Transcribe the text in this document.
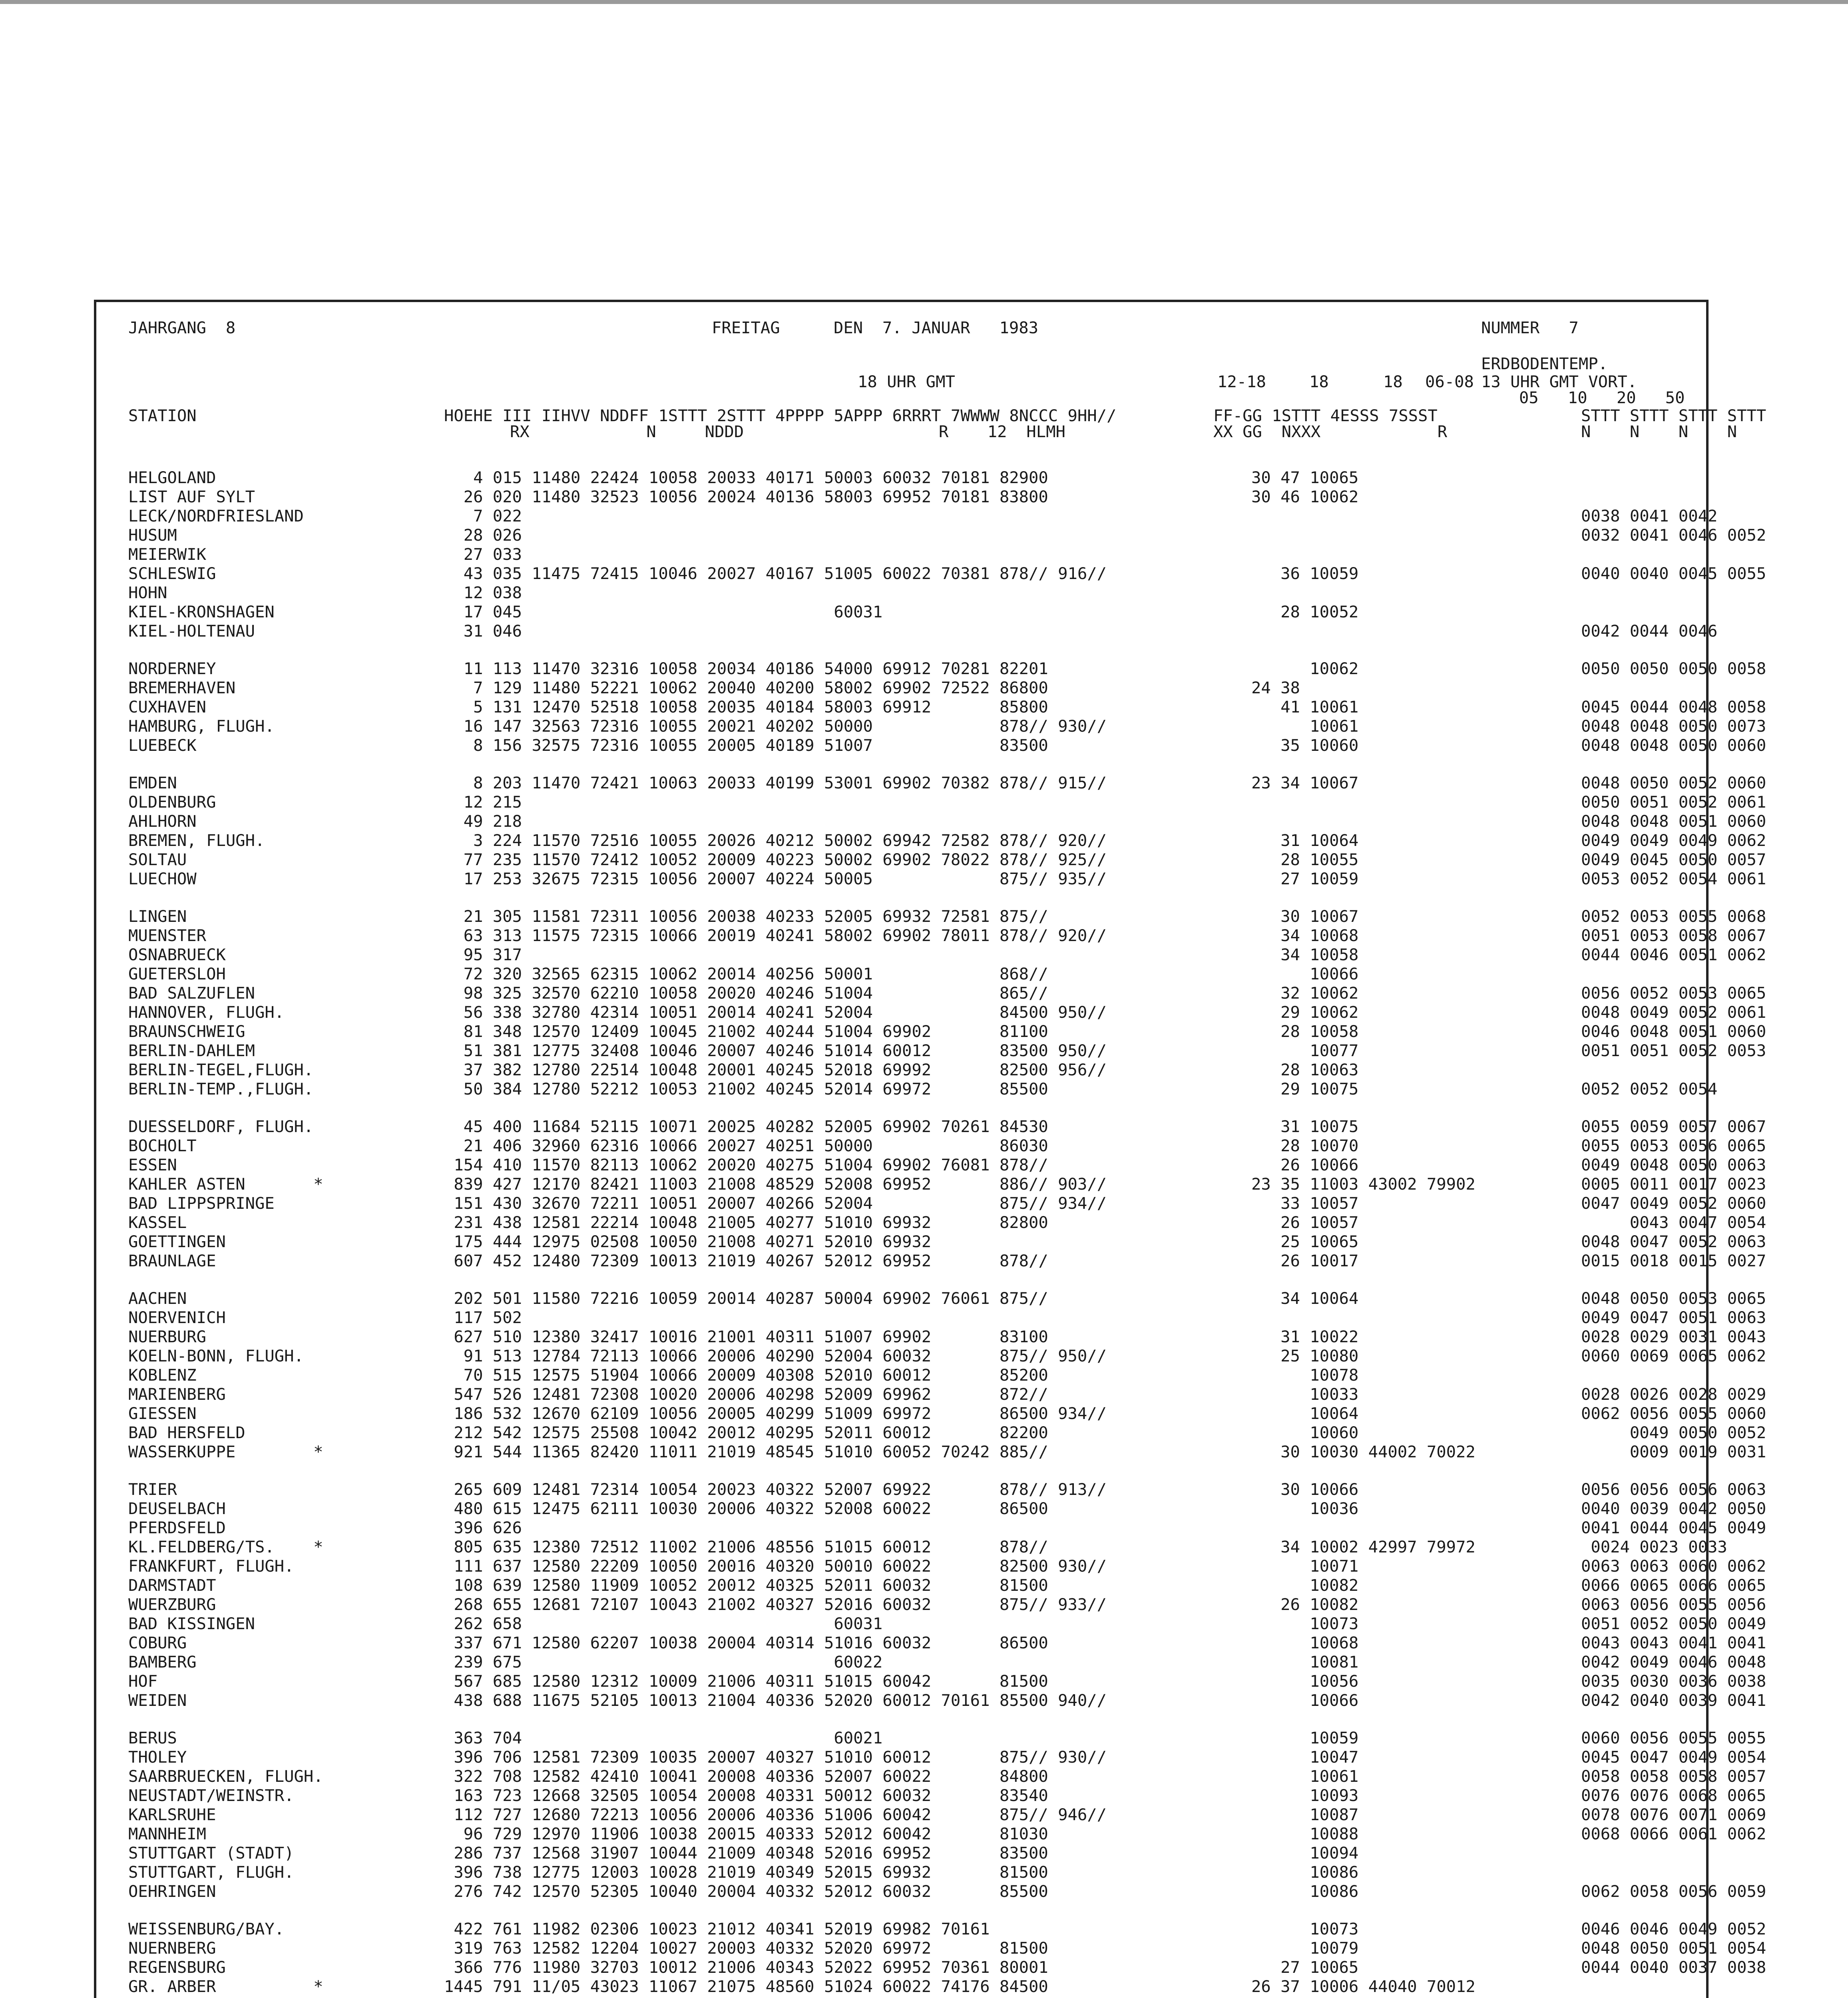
JAHRGANG  8	FREITAG	DEN  7. JANUAR   1983	NUMMER   7
ERDBODENTEMP.
18 UHR GMT	12-18	18	18 06-08 13 UHR GMT VORT.
05   10   20   50
STATION	HOEHE III IIHVV NDDFF 1STTT 2STTT 4PPPP 5APPP 6RRRT 7WWWW 8NCCC 9HH//
RX            N     NDDD                    R    12  HLMH
FF-GG 1STTT 4ESSS 7SSST
XX GG  NXXX            R
STTT STTT STTT STTT
N    N    N    N
HELGOLAND	4 015 11480 22424 10058 20033 40171 50003 60032 70181 82900	30 47 10065
LIST AUF SYLT	26 020 11480 32523 10056 20024 40136 58003 69952 70181 83800	30 46 10062
LECK/NORDFRIESLAND	7 022	0038 0041 0042
HUSUM	28 026	0032 0041 0046 0052
MEIERWIK	27 033
SCHLESWIG	43 035 11475 72415 10046 20027 40167 51005 60022 70381 878// 916//	36 10059	0040 0040 0045 0055
HOHN	12 038
KIEL-KRONSHAGEN	17 045                                60031	28 10052
KIEL-HOLTENAU	31 046	0042 0044 0046
NORDERNEY	11 113 11470 32316 10058 20034 40186 54000 69912 70281 82201	10062	0050 0050 0050 0058
BREMERHAVEN	7 129 11480 52221 10062 20040 40200 58002 69902 72522 86800	24 38
CUXHAVEN	5 131 12470 52518 10058 20035 40184 58003 69912       85800	41 10061	0045 0044 0048 0058
HAMBURG, FLUGH.	16 147 32563 72316 10055 20021 40202 50000             878// 930//	10061	0048 0048 0050 0073
LUEBECK	8 156 32575 72316 10055 20005 40189 51007             83500	35 10060	0048 0048 0050 0060
EMDEN	8 203 11470 72421 10063 20033 40199 53001 69902 70382 878// 915//	23 34 10067	0048 0050 0052 0060
OLDENBURG	12 215	0050 0051 0052 0061
AHLHORN	49 218	0048 0048 0051 0060
BREMEN, FLUGH.	3 224 11570 72516 10055 20026 40212 50002 69942 72582 878// 920//	31 10064	0049 0049 0049 0062
SOLTAU	77 235 11570 72412 10052 20009 40223 50002 69902 78022 878// 925//	28 10055	0049 0045 0050 0057
LUECHOW	17 253 32675 72315 10056 20007 40224 50005             875// 935//	27 10059	0053 0052 0054 0061
LINGEN	21 305 11581 72311 10056 20038 40233 52005 69932 72581 875//	30 10067	0052 0053 0055 0068
MUENSTER	63 313 11575 72315 10066 20019 40241 58002 69902 78011 878// 920//	34 10068	0051 0053 0058 0067
OSNABRUECK	95 317	34 10058	0044 0046 0051 0062
GUETERSLOH	72 320 32565 62315 10062 20014 40256 50001             868//	10066
BAD SALZUFLEN	98 325 32570 62210 10058 20020 40246 51004             865//	32 10062	0056 0052 0053 0065
HANNOVER, FLUGH.	56 338 32780 42314 10051 20014 40241 52004             84500 950//	29 10062	0048 0049 0052 0061
BRAUNSCHWEIG	81 348 12570 12409 10045 21002 40244 51004 69902       81100	28 10058	0046 0048 0051 0060
BERLIN-DAHLEM	51 381 12775 32408 10046 20007 40246 51014 60012       83500 950//	10077	0051 0051 0052 0053
BERLIN-TEGEL,FLUGH.	37 382 12780 22514 10048 20001 40245 52018 69992       82500 956//	28 10063
BERLIN-TEMP.,FLUGH.	50 384 12780 52212 10053 21002 40245 52014 69972       85500	29 10075	0052 0052 0054
DUESSELDORF, FLUGH.	45 400 11684 52115 10071 20025 40282 52005 69902 70261 84530	31 10075	0055 0059 0057 0067
BOCHOLT	21 406 32960 62316 10066 20027 40251 50000             86030	28 10070	0055 0053 0056 0065
ESSEN	154 410 11570 82113 10062 20020 40275 51004 69902 76081 878//	26 10066	0049 0048 0050 0063
KAHLER ASTEN       *	839 427 12170 82421 11003 21008 48529 52008 69952       886// 903//	23 35 11003 43002 79902	0005 0011 0017 0023
BAD LIPPSPRINGE	151 430 32670 72211 10051 20007 40266 52004             875// 934//	33 10057	0047 0049 0052 0060
KASSEL	231 438 12581 22214 10048 21005 40277 51010 69932       82800	26 10057	0043 0047 0054
GOETTINGEN	175 444 12975 02508 10050 21008 40271 52010 69932	25 10065	0048 0047 0052 0063
BRAUNLAGE	607 452 12480 72309 10013 21019 40267 52012 69952       878//	26 10017	0015 0018 0015 0027
AACHEN	202 501 11580 72216 10059 20014 40287 50004 69902 76061 875//	34 10064	0048 0050 0053 0065
NOERVENICH	117 502	0049 0047 0051 0063
NUERBURG	627 510 12380 32417 10016 21001 40311 51007 69902       83100	31 10022	0028 0029 0031 0043
KOELN-BONN, FLUGH.	91 513 12784 72113 10066 20006 40290 52004 60032       875// 950//	25 10080	0060 0069 0065 0062
KOBLENZ	70 515 12575 51904 10066 20009 40308 52010 60012       85200	10078
MARIENBERG	547 526 12481 72308 10020 20006 40298 52009 69962       872//	10033	0028 0026 0028 0029
GIESSEN	186 532 12670 62109 10056 20005 40299 51009 69972       86500 934//	10064	0062 0056 0055 0060
BAD HERSFELD	212 542 12575 25508 10042 20012 40295 52011 60012       82200	10060	0049 0050 0052
WASSERKUPPE        *	921 544 11365 82420 11011 21019 48545 51010 60052 70242 885//	30 10030 44002 70022	0009 0019 0031
TRIER	265 609 12481 72314 10054 20023 40322 52007 69922       878// 913//	30 10066	0056 0056 0056 0063
DEUSELBACH	480 615 12475 62111 10030 20006 40322 52008 60022       86500	10036	0040 0039 0042 0050
PFERDSFELD	396 626	0041 0044 0045 0049
KL.FELDBERG/TS.    *	805 635 12380 72512 11002 21006 48556 51015 60012       878//	34 10002 42997 79972	0024 0023 0033
FRANKFURT, FLUGH.	111 637 12580 22209 10050 20016 40320 50010 60022       82500 930//	10071	0063 0063 0060 0062
DARMSTADT	108 639 12580 11909 10052 20012 40325 52011 60032       81500	10082	0066 0065 0066 0065
WUERZBURG	268 655 12681 72107 10043 21002 40327 52016 60032       875// 933//	26 10082	0063 0056 0055 0056
BAD KISSINGEN	262 658                                60031	10073	0051 0052 0050 0049
COBURG	337 671 12580 62207 10038 20004 40314 51016 60032       86500	10068	0043 0043 0041 0041
BAMBERG	239 675                                60022	10081	0042 0049 0046 0048
HOF	567 685 12580 12312 10009 21006 40311 51015 60042       81500	10056	0035 0030 0036 0038
WEIDEN	438 688 11675 52105 10013 21004 40336 52020 60012 70161 85500 940//	10066	0042 0040 0039 0041
BERUS	363 704                                60021	10059	0060 0056 0055 0055
THOLEY	396 706 12581 72309 10035 20007 40327 51010 60012       875// 930//	10047	0045 0047 0049 0054
SAARBRUECKEN, FLUGH.	322 708 12582 42410 10041 20008 40336 52007 60022       84800	10061	0058 0058 0058 0057
NEUSTADT/WEINSTR.	163 723 12668 32505 10054 20008 40331 50012 60032       83540	10093	0076 0076 0068 0065
KARLSRUHE	112 727 12680 72213 10056 20006 40336 51006 60042       875// 946//	10087	0078 0076 0071 0069
MANNHEIM	96 729 12970 11906 10038 20015 40333 52012 60042       81030	10088	0068 0066 0061 0062
STUTTGART (STADT)	286 737 12568 31907 10044 21009 40348 52016 69952       83500	10094
STUTTGART, FLUGH.	396 738 12775 12003 10028 21019 40349 52015 69932       81500	10086
OEHRINGEN	276 742 12570 52305 10040 20004 40332 52012 60032       85500	10086	0062 0058 0056 0059
WEISSENBURG/BAY.	422 761 11982 02306 10023 21012 40341 52019 69982 70161	10073	0046 0046 0049 0052
NUERNBERG	319 763 12582 12204 10027 20003 40332 52020 69972       81500	10079	0048 0050 0051 0054
REGENSBURG	366 776 11980 32703 10012 21006 40343 52022 69952 70361 80001	27 10065	0044 0040 0037 0038
GR. ARBER          *	1445 791 11/05 43023 11067 21075 48560 51024 60022 74176 84500	26 37 10006 44040 70012
